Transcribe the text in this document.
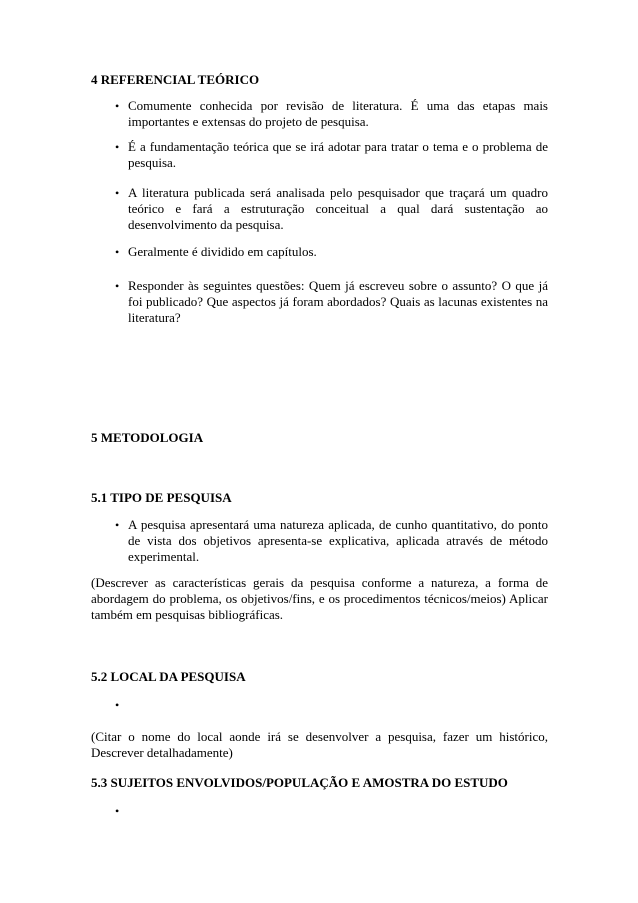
4 REFERENCIAL TEÓRICO
• Comumente conhecida por revisão de literatura. É uma das etapas mais importantes e extensas do projeto de pesquisa.
• É a fundamentação teórica que se irá adotar para tratar o tema e o problema de pesquisa.
• A literatura publicada será analisada pelo pesquisador que traçará um quadro teórico e fará a estruturação conceitual a qual dará sustentação ao desenvolvimento da pesquisa.
• Geralmente é dividido em capítulos.
• Responder às seguintes questões: Quem já escreveu sobre o assunto? O que já foi publicado? Que aspectos já foram abordados? Quais as lacunas existentes na literatura?
5 METODOLOGIA
5.1 TIPO DE PESQUISA
• A pesquisa apresentará uma natureza aplicada, de cunho quantitativo, do ponto de vista dos objetivos apresenta-se explicativa, aplicada através de método experimental.
(Descrever as características gerais da pesquisa conforme a natureza, a forma de abordagem do problema, os objetivos/fins, e os procedimentos técnicos/meios) Aplicar também em pesquisas bibliográficas.
5.2 LOCAL DA PESQUISA
•
(Citar o nome do local aonde irá se desenvolver a pesquisa, fazer um histórico, Descrever detalhadamente)
5.3 SUJEITOS ENVOLVIDOS/POPULAÇÃO E AMOSTRA DO ESTUDO
•
